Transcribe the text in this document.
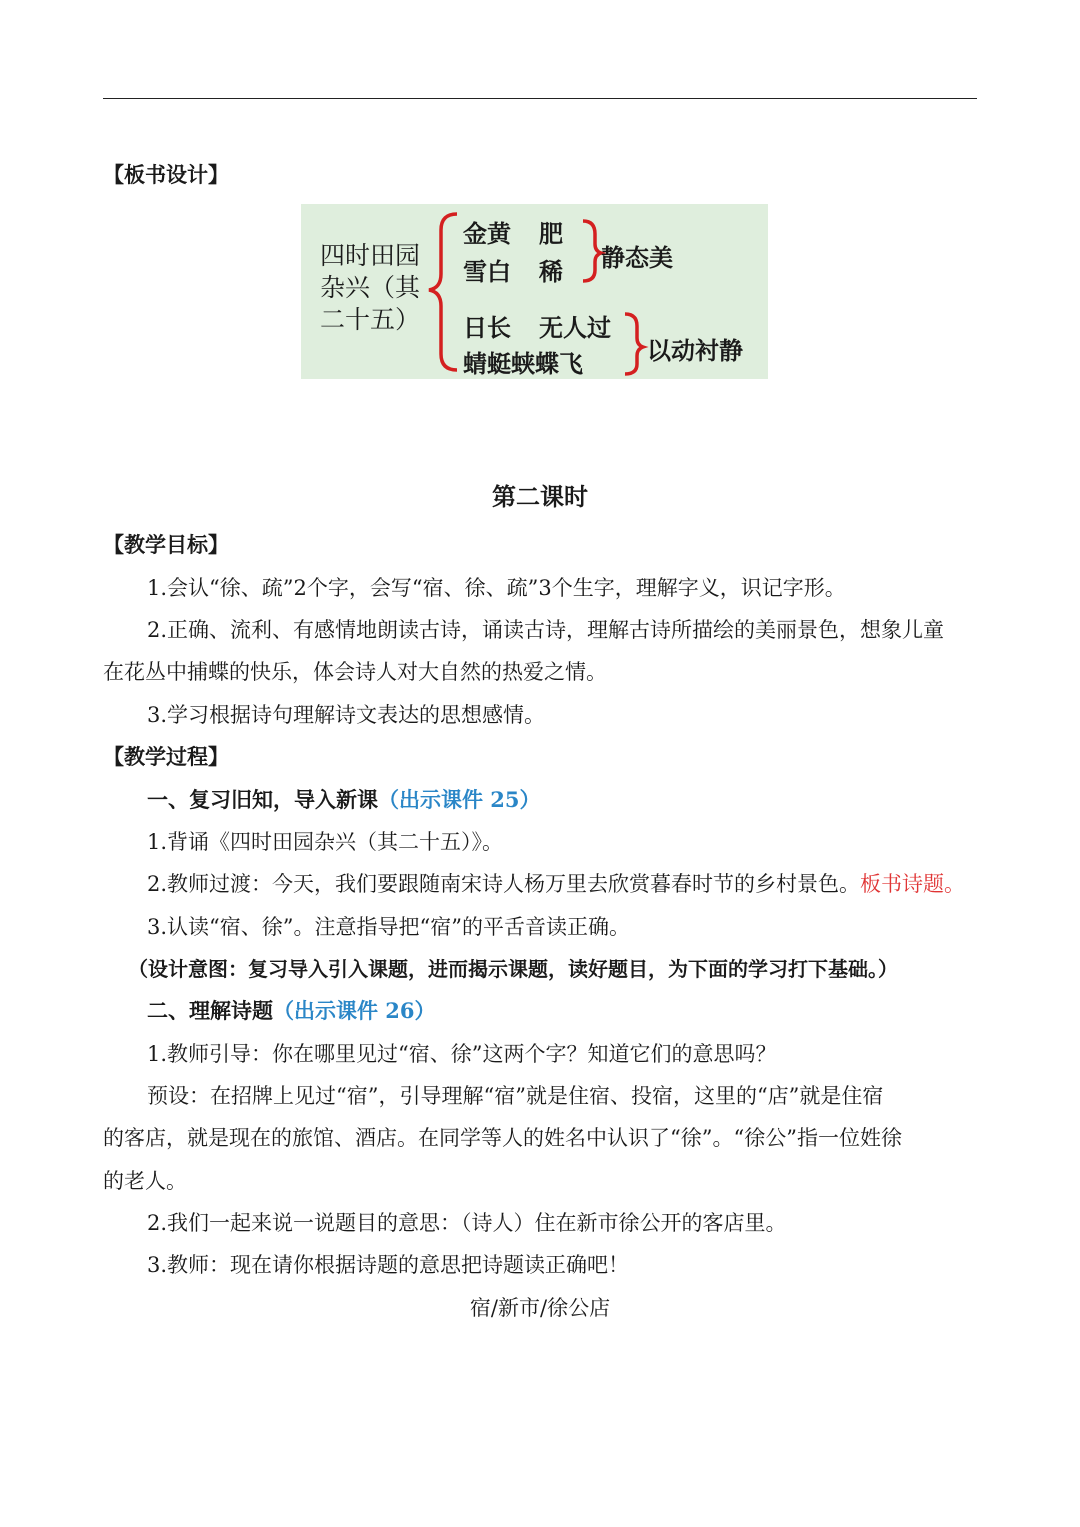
【板书设计】
四时田园
杂兴（其
二十五）
金黄 肥
雪白 稀 静态美
日长 无人过
蜻蜓蛱蝶飞	以动衬静
第二课时
【教学目标】
1.会认“徐、疏”2个字，会写“宿、徐、疏”3个生字，理解字义，识记字形。
2.正确、流利、有感情地朗读古诗，诵读古诗，理解古诗所描绘的美丽景色，想象儿童
在花丛中捕蝶的快乐，体会诗人对大自然的热爱之情。
3.学习根据诗句理解诗文表达的思想感情。
【教学过程】
一、复习旧知，导入新课（出示课件 25）
1.背诵《四时田园杂兴（其二十五）》。
2.教师过渡：今天，我们要跟随南宋诗人杨万里去欣赏暮春时节的乡村景色。板书诗题。
3.认读“宿、徐”。注意指导把“宿”的平舌音读正确。
（设计意图：复习导入引入课题，进而揭示课题，读好题目，为下面的学习打下基础。）
二、理解诗题（出示课件 26）
1.教师引导：你在哪里见过“宿、徐”这两个字？知道它们的意思吗？
预设：在招牌上见过“宿”，引导理解“宿”就是住宿、投宿，这里的“店”就是住宿
的客店，就是现在的旅馆、酒店。在同学等人的姓名中认识了“徐”。“徐公”指一位姓徐
的老人。
2.我们一起来说一说题目的意思：（诗人）住在新市徐公开的客店里。
3.教师：现在请你根据诗题的意思把诗题读正确吧！
宿/新市/徐公店
